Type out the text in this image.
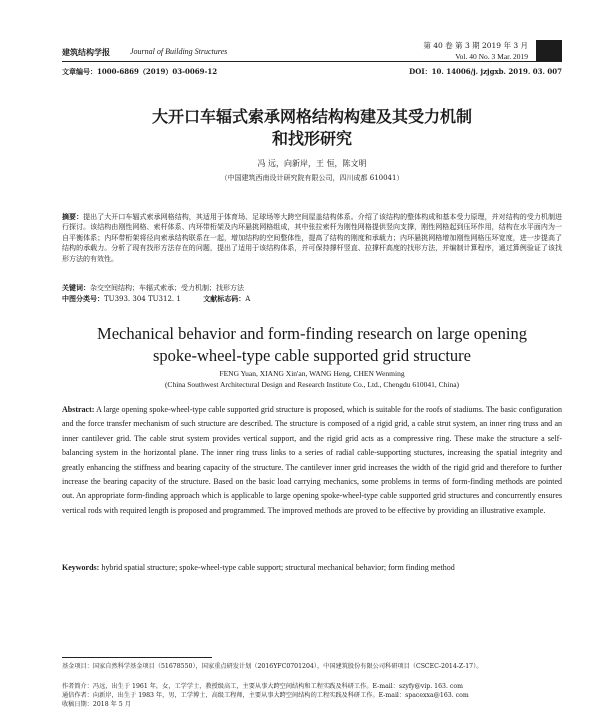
建筑结构学报	Journal of Building Structures
第 40 卷 第 3 期 2019 年 3 月
Vol. 40 No. 3 Mar. 2019
文章编号：1000-6869（2019）03-0069-12	DOI：10. 14006/j. jzjgxb. 2019. 03. 007
大开口车辐式索承网格结构构建及其受力机制
和找形研究
冯 远，向新岸，王 恒，陈文明
（中国建筑西南设计研究院有限公司，四川成都 610041）
摘要：提出了大开口车辐式索承网格结构，其适用于体育场、足球场等大跨空间屋盖结构体系。介绍了该结构的整体构成和基本受力原理，并对结构的受力机制进行探讨。该结构由刚性网格、索杆体系、内环带桁架及内环悬挑网格组成，其中张拉索杆为刚性网格提供竖向支撑，刚性网格起到压环作用，结构在水平面内为一自平衡体系；内环带桁架将径向索承结构联系在一起，增加结构的空间整体性，提高了结构的刚度和承载力；内环悬挑网格增加刚性网格压环宽度，进一步提高了结构的承载力。分析了现有找形方法存在的问题，提出了适用于该结构体系，并可保持撑杆竖直、拉撑杆高度的找形方法，并编制计算程序，通过算例验证了该找形方法的有效性。
关键词：杂交空间结构；车辐式索承；受力机制；找形方法
中图分类号：TU393. 304 TU312. 1	文献标志码：A
Mechanical behavior and form-finding research on large opening
spoke-wheel-type cable supported grid structure
FENG Yuan, XIANG Xin'an, WANG Heng, CHEN Wenming
(China Southwest Architectural Design and Research Institute Co., Ltd., Chengdu 610041, China)
Abstract: A large opening spoke-wheel-type cable supported grid structure is proposed, which is suitable for the roofs of stadiums. The basic configuration and the force transfer mechanism of such structure are described. The structure is composed of a rigid grid, a cable strut system, an inner ring truss and an inner cantilever grid. The cable strut system provides vertical support, and the rigid grid acts as a compressive ring. These make the structure a self-balancing system in the horizontal plane. The inner ring truss links to a series of radial cable-supporting stuctures, increasing the spatial integrity and greatly enhancing the stiffness and bearing capacity of the structure. The cantilever inner grid increases the width of the rigid grid and therefore to further increase the bearing capacity of the structure. Based on the basic load carrying mechanics, some problems in terms of form-finding methods are pointed out. An appropriate form-finding approach which is applicable to large opening spoke-wheel-type cable supported grid structures and concurrently ensures vertical rods with required length is proposed and programmed. The improved methods are proved to be effective by providing an illustrative example.
Keywords: hybrid spatial structure; spoke-wheel-type cable support; structural mechanical behavior; form finding method
基金项目：国家自然科学基金项目（51678550），国家重点研发计划（2016YFC0701204），中国建筑股份有限公司科研项目（CSCEC-2014-Z-17）。
作者简介：冯远，出生于 1961 年，女，工学学士，教授级高工，主要从事大跨空间结构和工程实践及科研工作。E-mail：szyfy@vip. 163. com
通信作者：向新岸，出生于 1983 年，男，工学博士，高级工程师，主要从事大跨空间结构的工程实践及科研工作。E-mail：spacexxa@163. com
收稿日期：2018 年 5 月
